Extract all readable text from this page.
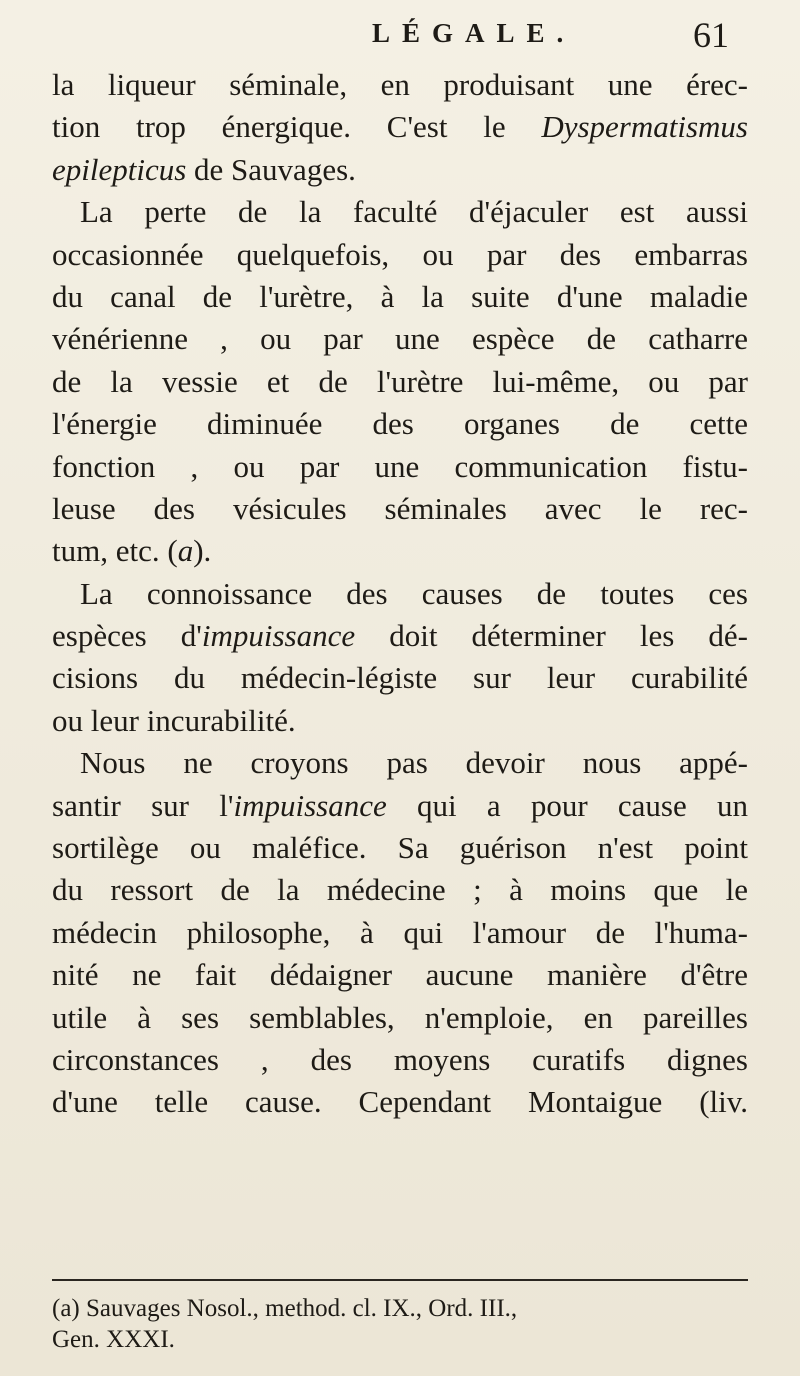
LÉGALE.	61
la liqueur séminale, en produisant une érec-
tion trop énergique. C'est le Dyspermatismus
epilepticus de Sauvages.
La perte de la faculté d'éjaculer est aussi
occasionnée quelquefois, ou par des embarras
du canal de l'urètre, à la suite d'une maladie
vénérienne , ou par une espèce de catharre
de la vessie et de l'urètre lui-même, ou par
l'énergie diminuée des organes de cette
fonction , ou par une communication fistu-
leuse des vésicules séminales avec le rec-
tum, etc. (a).
La connoissance des causes de toutes ces
espèces d'impuissance doit déterminer les dé-
cisions du médecin-légiste sur leur curabilité
ou leur incurabilité.
Nous ne croyons pas devoir nous appé-
santir sur l'impuissance qui a pour cause un
sortilège ou maléfice. Sa guérison n'est point
du ressort de la médecine ; à moins que le
médecin philosophe, à qui l'amour de l'huma-
nité ne fait dédaigner aucune manière d'être
utile à ses semblables, n'emploie, en pareilles
circonstances , des moyens curatifs dignes
d'une telle cause. Cependant Montaigue (liv.
(a) Sauvages Nosol., method. cl. IX., Ord. III.,
Gen. XXXI.
